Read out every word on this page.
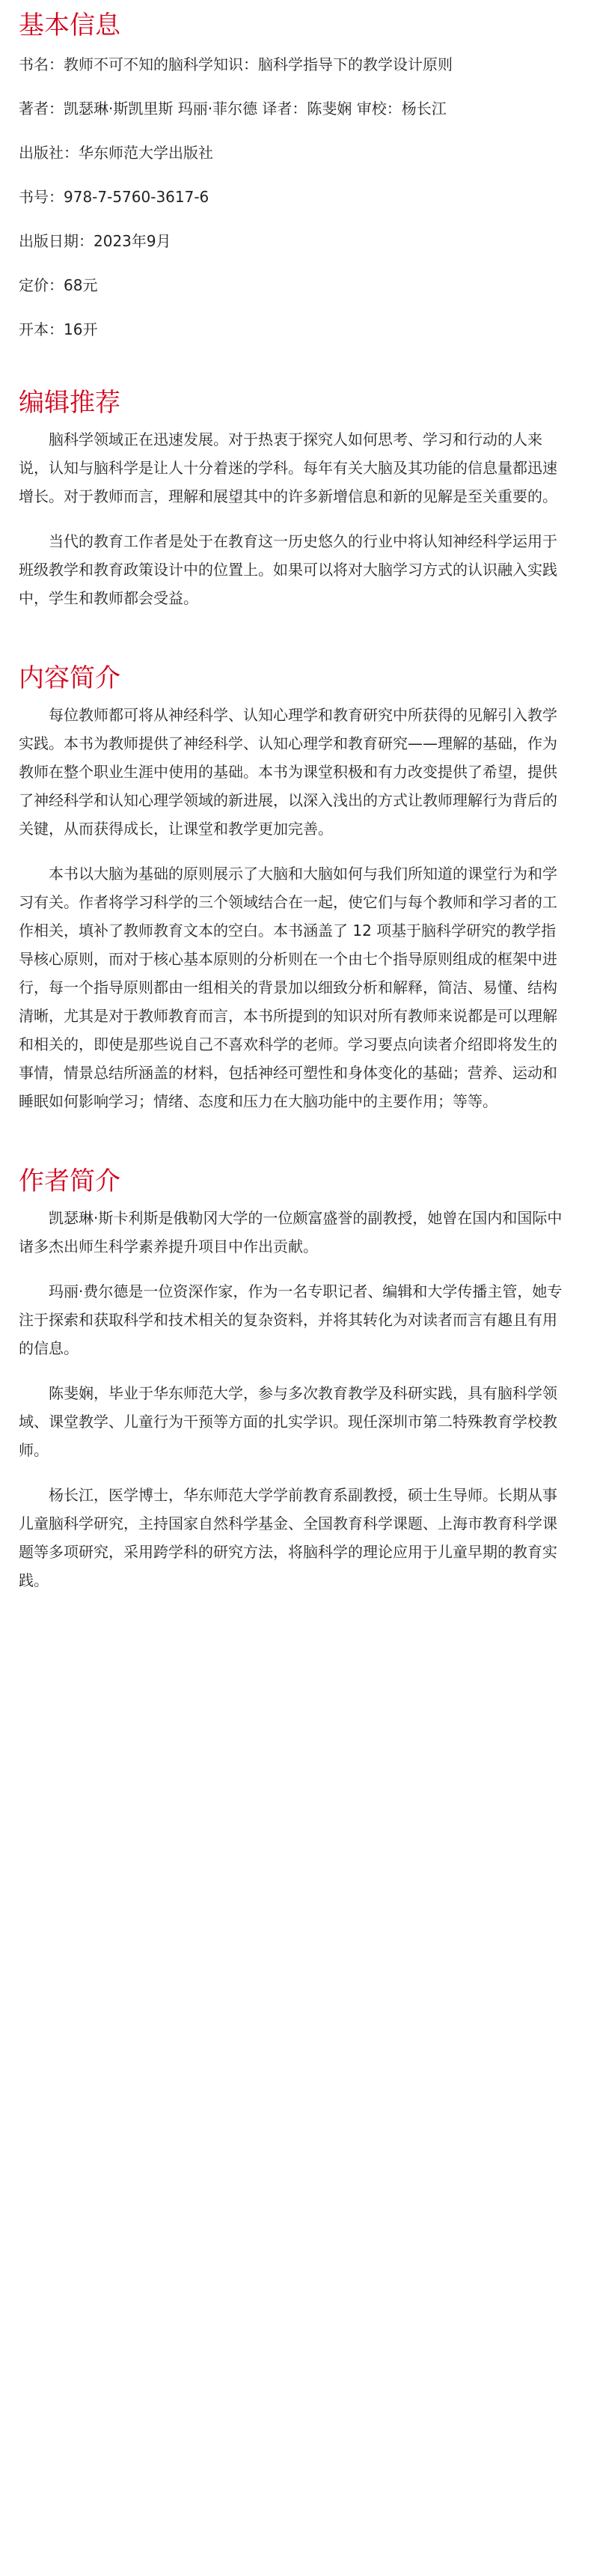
基本信息
书名：教师不可不知的脑科学知识：脑科学指导下的教学设计原则
著者：凯瑟琳·斯凯里斯 玛丽·菲尔德 译者：陈斐娴 审校：杨长江
出版社：华东师范大学出版社
书号：978-7-5760-3617-6
出版日期：2023年9月
定价：68元
开本：16开
编辑推荐

脑科学领域正在迅速发展。对于热衷于探究人如何思考、学习和行动的人来说，认知与脑科学是让人十分着迷的学科。每年有关大脑及其功能的信息量都迅速增长。对于教师而言，理解和展望其中的许多新增信息和新的见解是至关重要的。

当代的教育工作者是处于在教育这一历史悠久的行业中将认知神经科学运用于班级教学和教育政策设计中的位置上。如果可以将对大脑学习方式的认识融入实践中，学生和教师都会受益。

内容简介

每位教师都可将从神经科学、认知心理学和教育研究中所获得的见解引入教学实践。本书为教师提供了神经科学、认知心理学和教育研究——理解的基础，作为教师在整个职业生涯中使用的基础。本书为课堂积极和有力改变提供了希望，提供了神经科学和认知心理学领域的新进展，以深入浅出的方式让教师理解行为背后的关键，从而获得成长，让课堂和教学更加完善。

本书以大脑为基础的原则展示了大脑和大脑如何与我们所知道的课堂行为和学习有关。作者将学习科学的三个领域结合在一起，使它们与每个教师和学习者的工作相关，填补了教师教育文本的空白。本书涵盖了 12 项基于脑科学研究的教学指导核心原则，而对于核心基本原则的分析则在一个由七个指导原则组成的框架中进行，每一个指导原则都由一组相关的背景加以细致分析和解释，简洁、易懂、结构清晰，尤其是对于教师教育而言，本书所提到的知识对所有教师来说都是可以理解和相关的，即使是那些说自己不喜欢科学的老师。学习要点向读者介绍即将发生的事情，情景总结所涵盖的材料，包括神经可塑性和身体变化的基础；营养、运动和睡眠如何影响学习；情绪、态度和压力在大脑功能中的主要作用；等等。

作者简介

凯瑟琳·斯卡利斯是俄勒冈大学的一位颇富盛誉的副教授，她曾在国内和国际中诸多杰出师生科学素养提升项目中作出贡献。

玛丽·费尔德是一位资深作家，作为一名专职记者、编辑和大学传播主管，她专注于探索和获取科学和技术相关的复杂资料，并将其转化为对读者而言有趣且有用的信息。

陈斐娴，毕业于华东师范大学，参与多次教育教学及科研实践，具有脑科学领域、课堂教学、儿童行为干预等方面的扎实学识。现任深圳市第二特殊教育学校教师。

杨长江，医学博士，华东师范大学学前教育系副教授，硕士生导师。长期从事儿童脑科学研究，主持国家自然科学基金、全国教育科学课题、上海市教育科学课题等多项研究，采用跨学科的研究方法，将脑科学的理论应用于儿童早期的教育实践。
